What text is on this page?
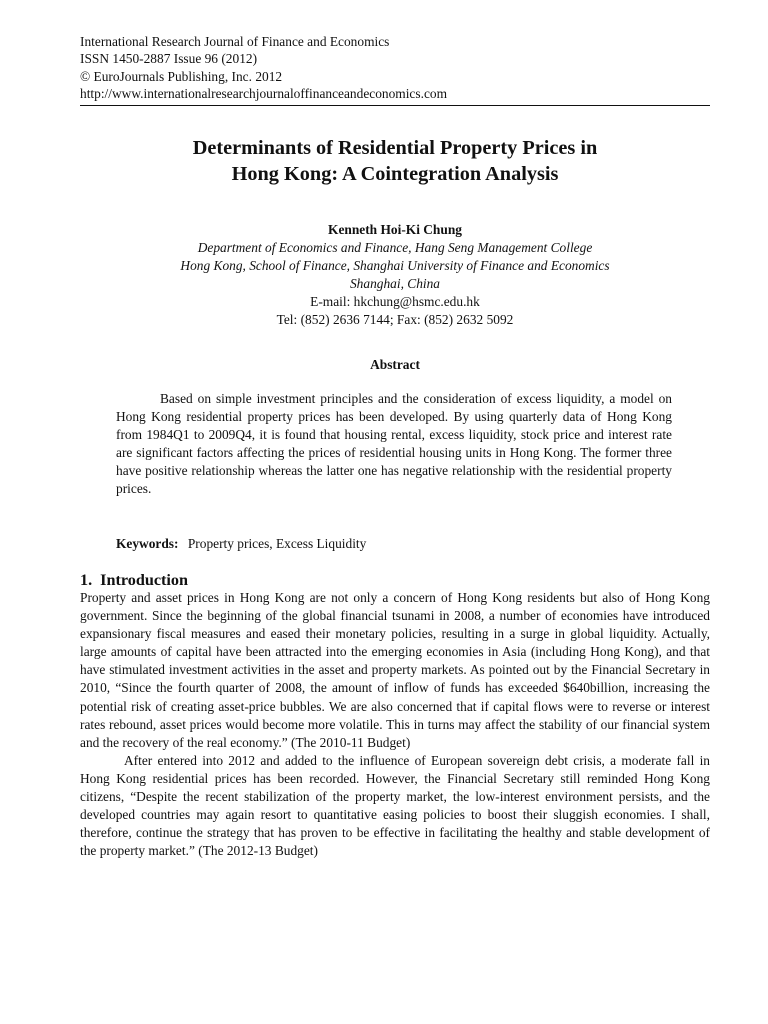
International Research Journal of Finance and Economics
ISSN 1450-2887 Issue 96 (2012)
© EuroJournals Publishing, Inc. 2012
http://www.internationalresearchjournaloffinanceandeconomics.com
Determinants of Residential Property Prices in
Hong Kong: A Cointegration Analysis
Kenneth Hoi-Ki Chung
Department of Economics and Finance, Hang Seng Management College
Hong Kong, School of Finance, Shanghai University of Finance and Economics
Shanghai, China
E-mail: hkchung@hsmc.edu.hk
Tel: (852) 2636 7144; Fax: (852) 2632 5092
Abstract
Based on simple investment principles and the consideration of excess liquidity, a model on Hong Kong residential property prices has been developed. By using quarterly data of Hong Kong from 1984Q1 to 2009Q4, it is found that housing rental, excess liquidity, stock price and interest rate are significant factors affecting the prices of residential housing units in Hong Kong. The former three have positive relationship whereas the latter one has negative relationship with the residential property prices.
Keywords: Property prices, Excess Liquidity
1. Introduction

Property and asset prices in Hong Kong are not only a concern of Hong Kong residents but also of Hong Kong government. Since the beginning of the global financial tsunami in 2008, a number of economies have introduced expansionary fiscal measures and eased their monetary policies, resulting in a surge in global liquidity. Actually, large amounts of capital have been attracted into the emerging economies in Asia (including Hong Kong), and that have stimulated investment activities in the asset and property markets. As pointed out by the Financial Secretary in 2010, “Since the fourth quarter of 2008, the amount of inflow of funds has exceeded $640billion, increasing the potential risk of creating asset-price bubbles. We are also concerned that if capital flows were to reverse or interest rates rebound, asset prices would become more volatile. This in turns may affect the stability of our financial system and the recovery of the real economy.” (The 2010-11 Budget)

After entered into 2012 and added to the influence of European sovereign debt crisis, a moderate fall in Hong Kong residential prices has been recorded. However, the Financial Secretary still reminded Hong Kong citizens, “Despite the recent stabilization of the property market, the low-interest environment persists, and the developed countries may again resort to quantitative easing policies to boost their sluggish economies. I shall, therefore, continue the strategy that has proven to be effective in facilitating the healthy and stable development of the property market.” (The 2012-13 Budget)
